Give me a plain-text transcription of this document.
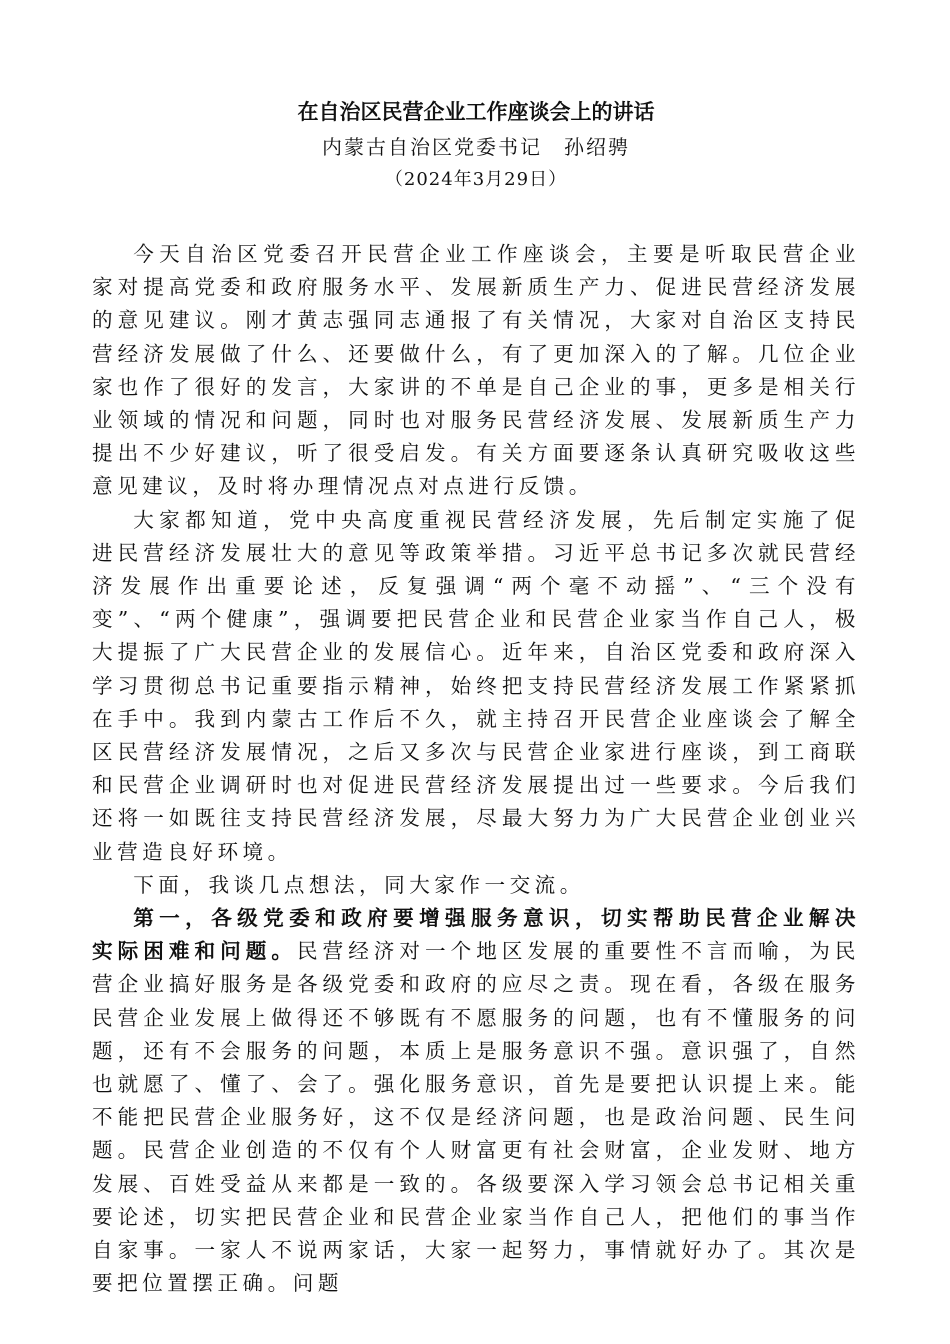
在自治区民营企业工作座谈会上的讲话
内蒙古自治区党委书记　孙绍骋
（2024年3月29日）

今天自治区党委召开民营企业工作座谈会，主要是听取民营企业家对提高党委和政府服务水平、发展新质生产力、促进民营经济发展的意见建议。刚才黄志强同志通报了有关情况，大家对自治区支持民营经济发展做了什么、还要做什么，有了更加深入的了解。几位企业家也作了很好的发言，大家讲的不单是自己企业的事，更多是相关行业领域的情况和问题，同时也对服务民营经济发展、发展新质生产力提出不少好建议，听了很受启发。有关方面要逐条认真研究吸收这些意见建议，及时将办理情况点对点进行反馈。

大家都知道，党中央高度重视民营经济发展，先后制定实施了促进民营经济发展壮大的意见等政策举措。习近平总书记多次就民营经济发展作出重要论述，反复强调“两个毫不动摇”、“三个没有变”、“两个健康”，强调要把民营企业和民营企业家当作自己人，极大提振了广大民营企业的发展信心。近年来，自治区党委和政府深入学习贯彻总书记重要指示精神，始终把支持民营经济发展工作紧紧抓在手中。我到内蒙古工作后不久，就主持召开民营企业座谈会了解全区民营经济发展情况，之后又多次与民营企业家进行座谈，到工商联和民营企业调研时也对促进民营经济发展提出过一些要求。今后我们还将一如既往支持民营经济发展，尽最大努力为广大民营企业创业兴业营造良好环境。

下面，我谈几点想法，同大家作一交流。

第一，各级党委和政府要增强服务意识，切实帮助民营企业解决实际困难和问题。民营经济对一个地区发展的重要性不言而喻，为民营企业搞好服务是各级党委和政府的应尽之责。现在看，各级在服务民营企业发展上做得还不够既有不愿服务的问题，也有不懂服务的问题，还有不会服务的问题，本质上是服务意识不强。意识强了，自然也就愿了、懂了、会了。强化服务意识，首先是要把认识提上来。能不能把民营企业服务好，这不仅是经济问题，也是政治问题、民生问题。民营企业创造的不仅有个人财富更有社会财富，企业发财、地方发展、百姓受益从来都是一致的。各级要深入学习领会总书记相关重要论述，切实把民营企业和民营企业家当作自己人，把他们的事当作自家事。一家人不说两家话，大家一起努力，事情就好办了。其次是要把位置摆正确。问题
